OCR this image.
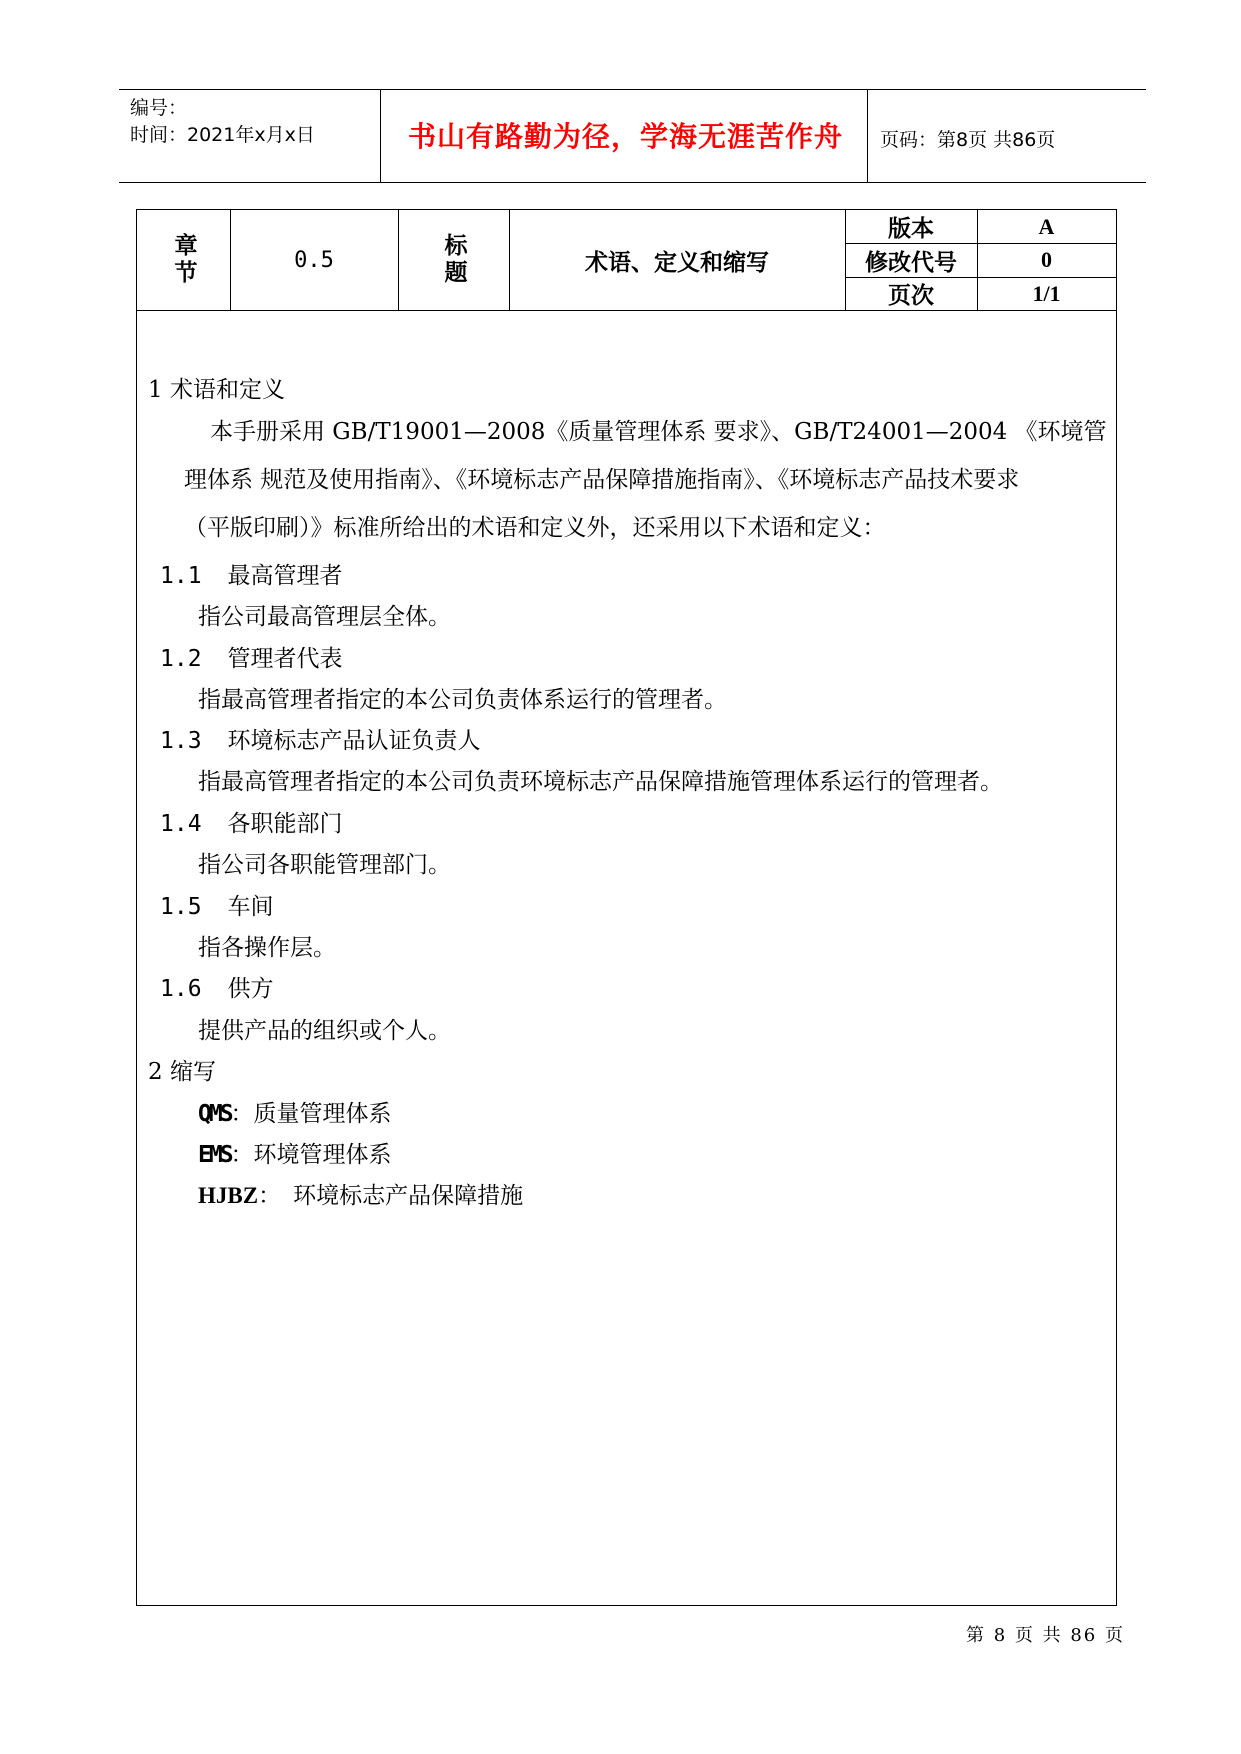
编号：
时间：2021年x月x日	书山有路勤为径，学海无涯苦作舟	页码：第8页 共86页
章节	0.5	标题	术语、定义和缩写
版本	A
修改代号	0
页次	1/1
1 术语和定义
本手册采用 GB/T19001—2008《质量管理体系 要求》、GB/T24001—2004 《环境管
理体系 规范及使用指南》、《环境标志产品保障措施指南》、《环境标志产品技术要求
（平版印刷）》标准所给出的术语和定义外，还采用以下术语和定义：
1.1 最高管理者
指公司最高管理层全体。
1.2 管理者代表
指最高管理者指定的本公司负责体系运行的管理者。
1.3 环境标志产品认证负责人
指最高管理者指定的本公司负责环境标志产品保障措施管理体系运行的管理者。
1.4 各职能部门
指公司各职能管理部门。
1.5 车间
指各操作层。
1.6 供方
提供产品的组织或个人。
2 缩写
QMS：质量管理体系
EMS：环境管理体系
HJBZ： 环境标志产品保障措施
第 8 页 共 86 页
